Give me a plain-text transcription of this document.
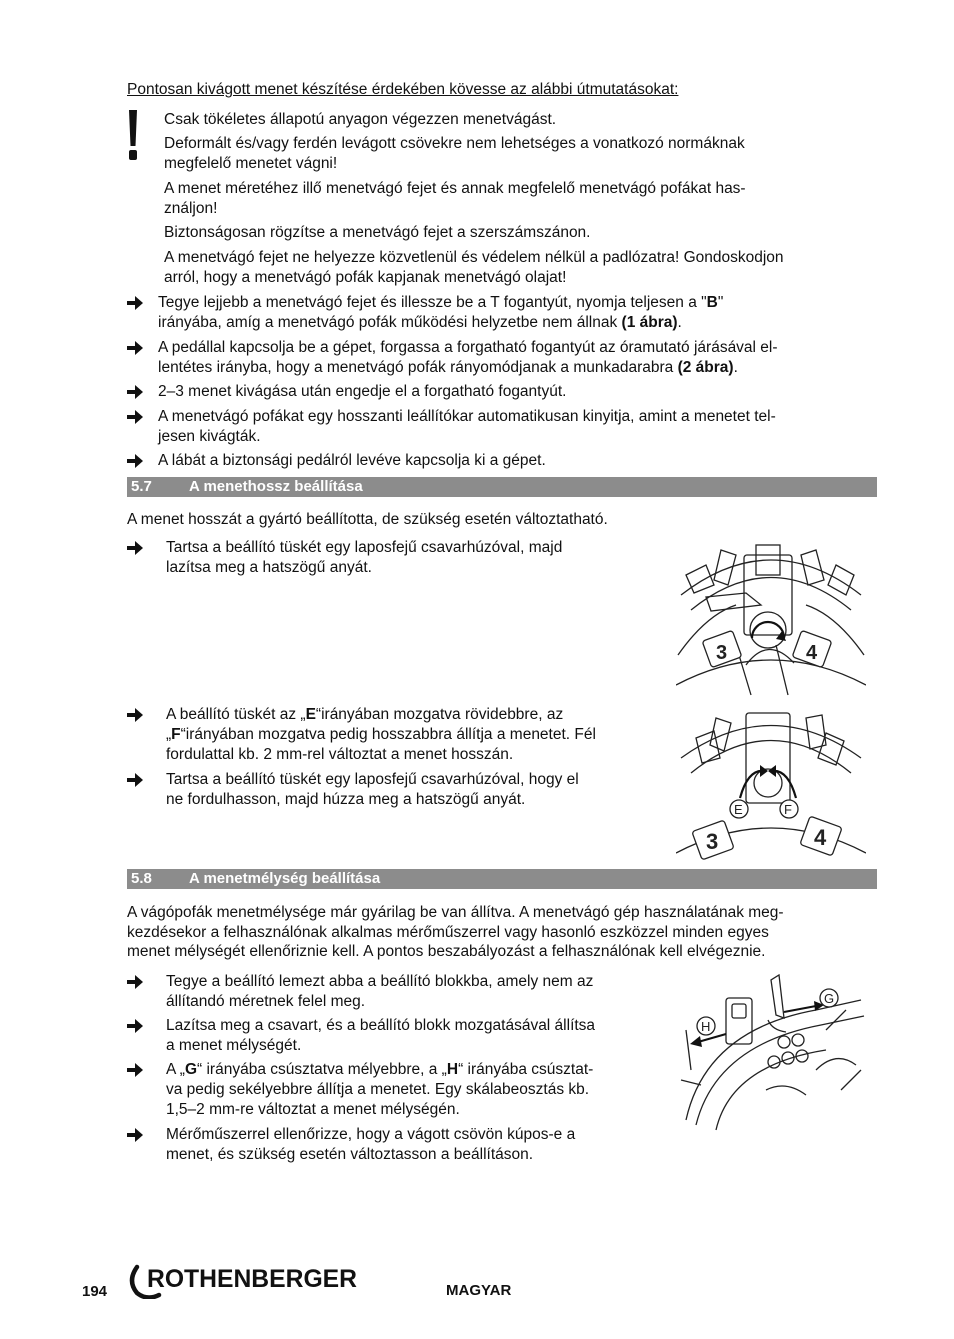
Pontosan kivágott menet készítése érdekében kövesse az alábbi útmutatásokat:
Csak tökéletes állapotú anyagon végezzen menetvágást.
Deformált és/vagy ferdén levágott csövekre nem lehetséges a vonatkozó normáknak
megfelelő menetet vágni!
A menet méretéhez illő menetvágó fejet és annak megfelelő menetvágó pofákat has-
ználjon!
Biztonságosan rögzítse a menetvágó fejet a szerszámszánon.
A menetvágó fejet ne helyezze közvetlenül és védelem nélkül a padlózatra! Gondoskodjon
arról, hogy a menetvágó pofák kapjanak menetvágó olajat!
Tegye lejjebb a menetvágó fejet és illessze be a T fogantyút, nyomja teljesen a "B"
irányába, amíg a menetvágó pofák működési helyzetbe nem állnak (1 ábra).
A pedállal kapcsolja be a gépet, forgassa a forgatható fogantyút az óramutató járásával el-
lentétes irányba, hogy a menetvágó pofák rányomódjanak a munkadarabra (2 ábra).
2–3 menet kivágása után engedje el a forgatható fogantyút.
A menetvágó pofákat egy hosszanti leállítókar automatikusan kinyitja, amint a menetet tel-
jesen kivágták.
A lábát a biztonsági pedálról levéve kapcsolja ki a gépet.
5.7 A menethossz beállítása
A menet hosszát a gyártó beállította, de szükség esetén változtatható.
Tartsa a beállító tüskét egy laposfejű csavarhúzóval, majd
lazítsa meg a hatszögű anyát.
A beállító tüskét az „E“irányában mozgatva rövidebbre, az
„F“irányában mozgatva pedig hosszabbra állítja a menetet. Fél
fordulattal kb. 2 mm-rel változtat a menet hosszán.
Tartsa a beállító tüskét egy laposfejű csavarhúzóval, hogy el
ne fordulhasson, majd húzza meg a hatszögű anyát.
3	4
E	F
3	4
5.8 A menetmélység beállítása
A vágópofák menetmélysége már gyárilag be van állítva. A menetvágó gép használatának meg-
kezdésekor a felhasználónak alkalmas mérőműszerrel vagy hasonló eszközzel minden egyes
menet mélységét ellenőriznie kell. A pontos beszabályozást a felhasználónak kell elvégeznie.
Tegye a beállító lemezt abba a beállító blokkba, amely nem az
állítandó méretnek felel meg.
Lazítsa meg a csavart, és a beállító blokk mozgatásával állítsa
a menet mélységét.
A „G“ irányába csúsztatva mélyebbre, a „H“ irányába csúsztat-
va pedig sekélyebbre állítja a menetet. Egy skálabeosztás kb.
1,5–2 mm-re változtat a menet mélységén.
Mérőműszerrel ellenőrizze, hogy a vágott csövön kúpos-e a
menet, és szükség esetén változtasson a beállításon.
G
H
194 ROTHENBERGER	MAGYAR
